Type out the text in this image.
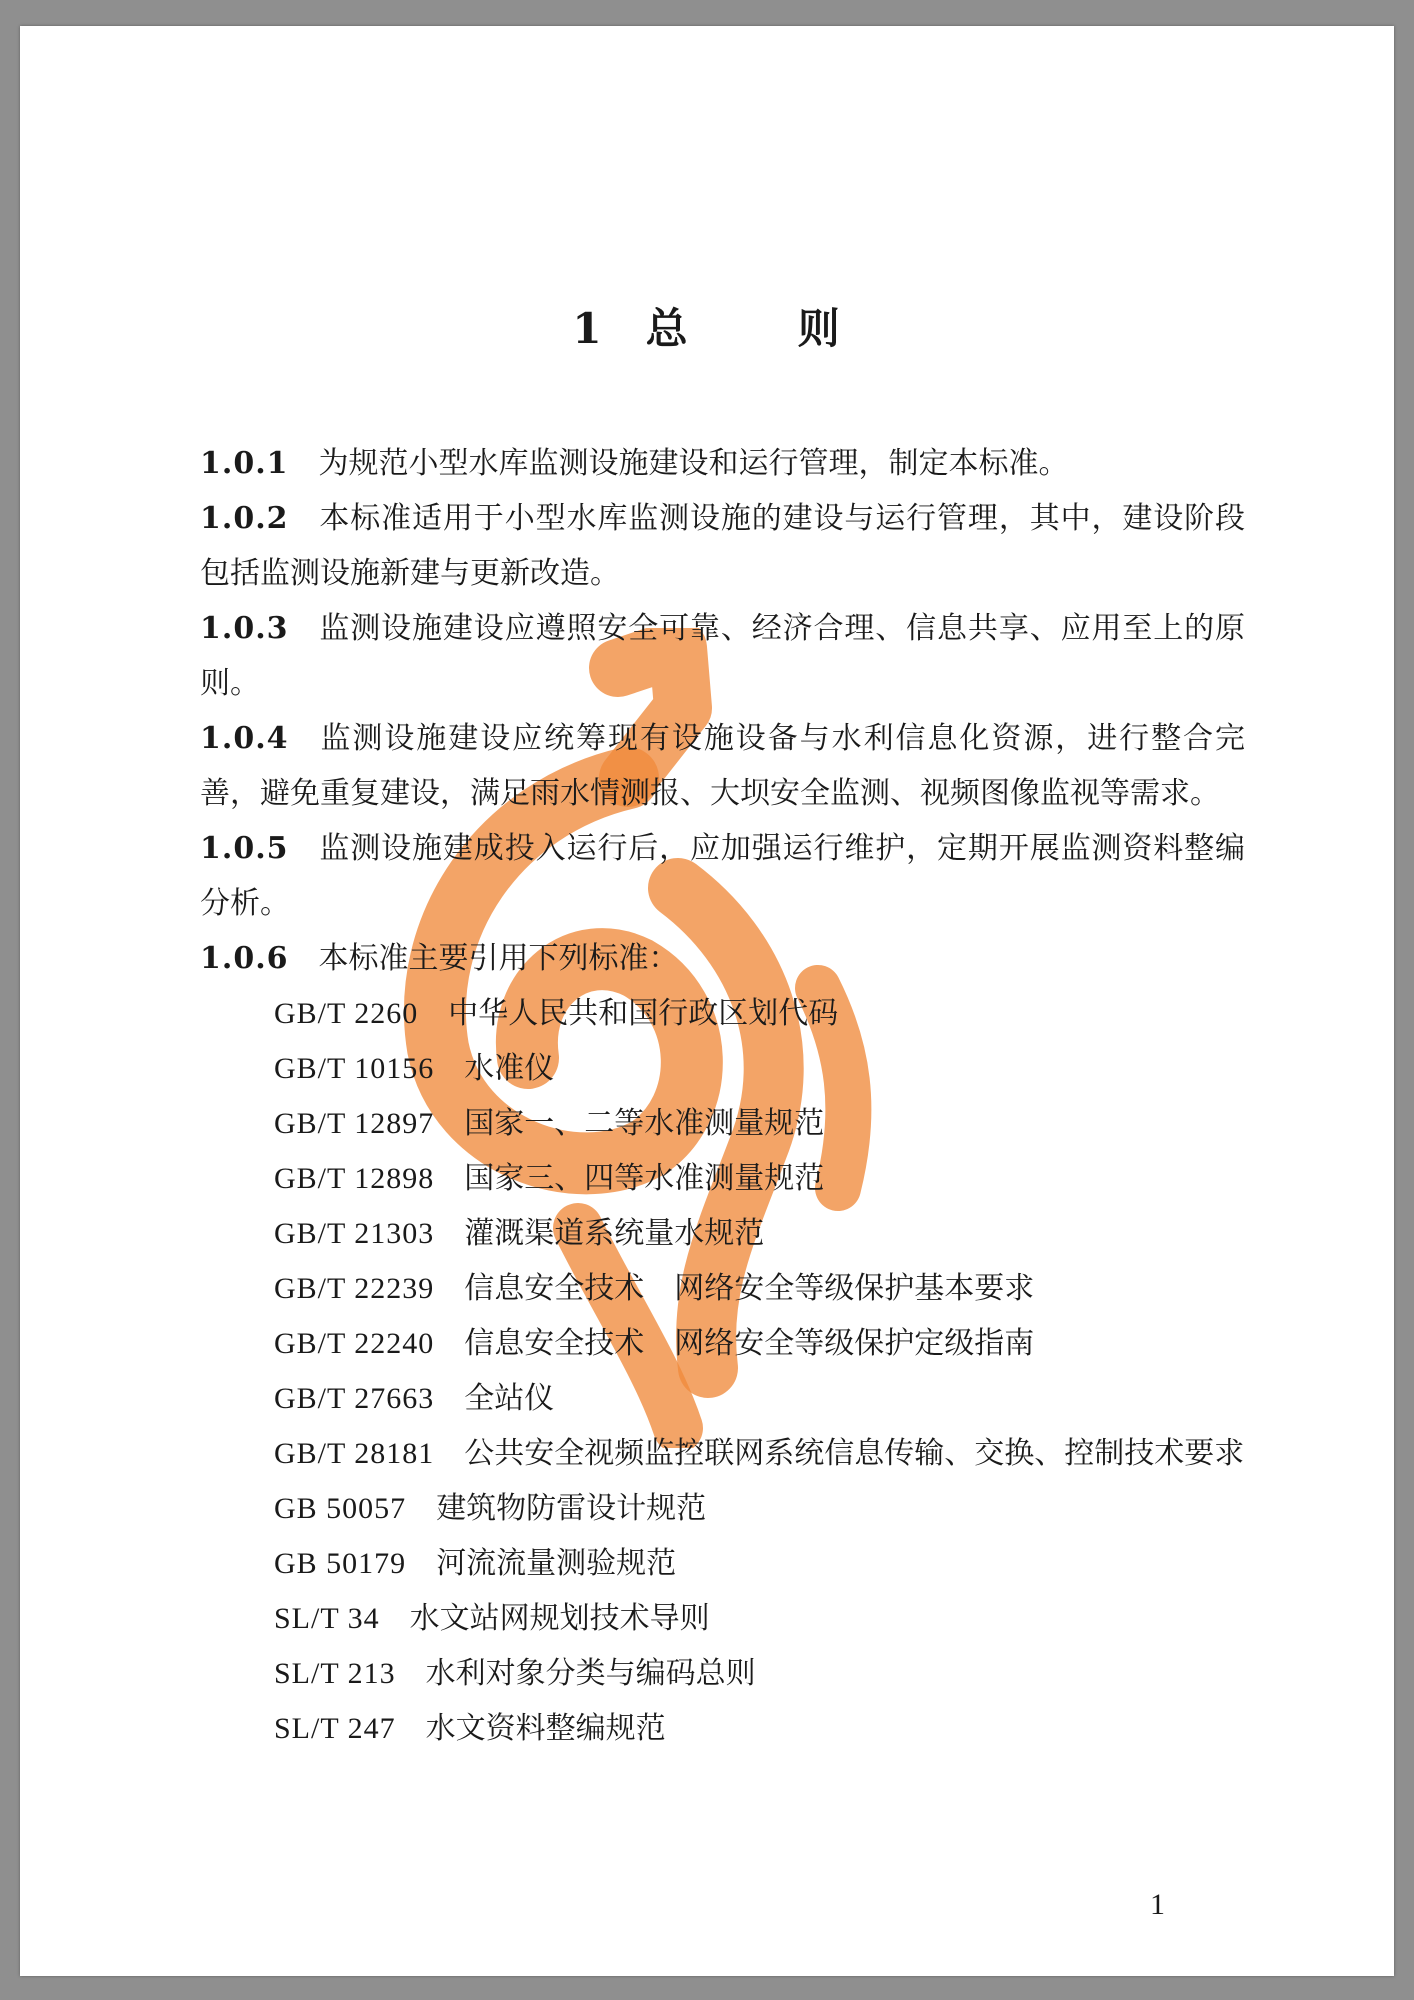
1 总	则

1.0.1 为规范小型水库监测设施建设和运行管理，制定本标准。

1.0.2 本标准适用于小型水库监测设施的建设与运行管理，其中，建设阶段包括监测设施新建与更新改造。

1.0.3 监测设施建设应遵照安全可靠、经济合理、信息共享、应用至上的原则。

1.0.4 监测设施建设应统筹现有设施设备与水利信息化资源，进行整合完善，避免重复建设，满足雨水情测报、大坝安全监测、视频图像监视等需求。

1.0.5 监测设施建成投入运行后，应加强运行维护，定期开展监测资料整编分析。

1.0.6 本标准主要引用下列标准：

GB/T 2260 中华人民共和国行政区划代码
GB/T 10156 水准仪
GB/T 12897 国家一、二等水准测量规范
GB/T 12898 国家三、四等水准测量规范
GB/T 21303 灌溉渠道系统量水规范
GB/T 22239 信息安全技术　网络安全等级保护基本要求
GB/T 22240 信息安全技术　网络安全等级保护定级指南
GB/T 27663 全站仪
GB/T 28181 公共安全视频监控联网系统信息传输、交换、控制技术要求
GB 50057 建筑物防雷设计规范
GB 50179 河流流量测验规范
SL/T 34 水文站网规划技术导则
SL/T 213 水利对象分类与编码总则
SL/T 247 水文资料整编规范
1
